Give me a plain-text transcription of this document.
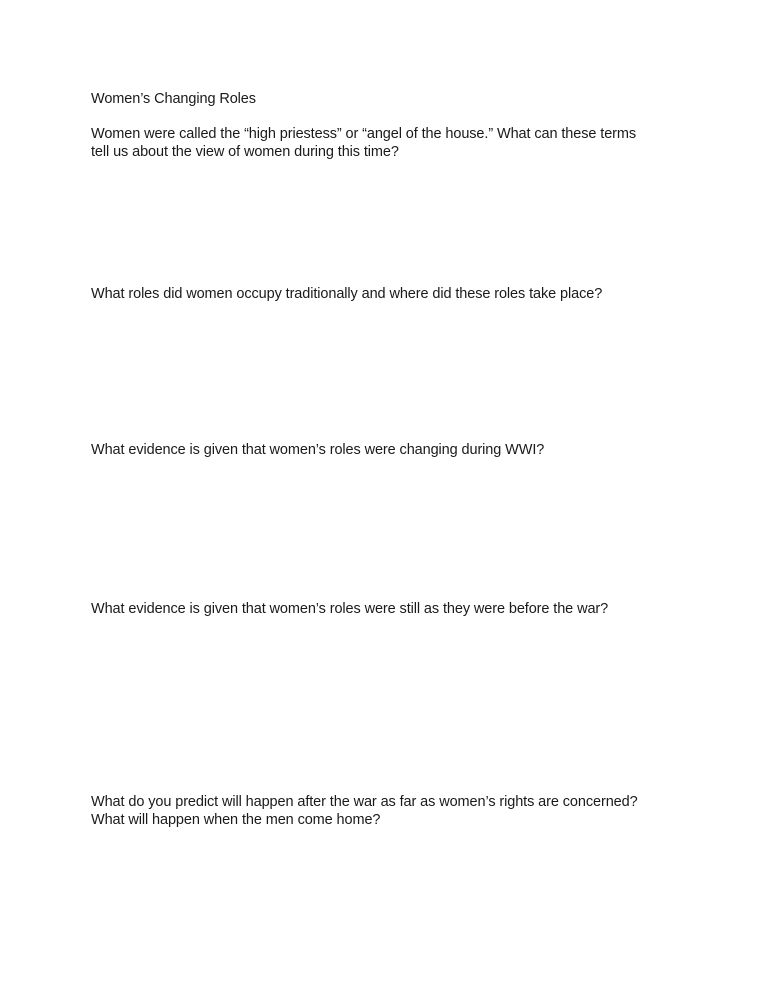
Women’s Changing Roles
Women were called the “high priestess” or “angel of the house.” What can these terms
tell us about the view of women during this time?
What roles did women occupy traditionally and where did these roles take place?
What evidence is given that women’s roles were changing during WWI?
What evidence is given that women’s roles were still as they were before the war?
What do you predict will happen after the war as far as women’s rights are concerned?
What will happen when the men come home?
